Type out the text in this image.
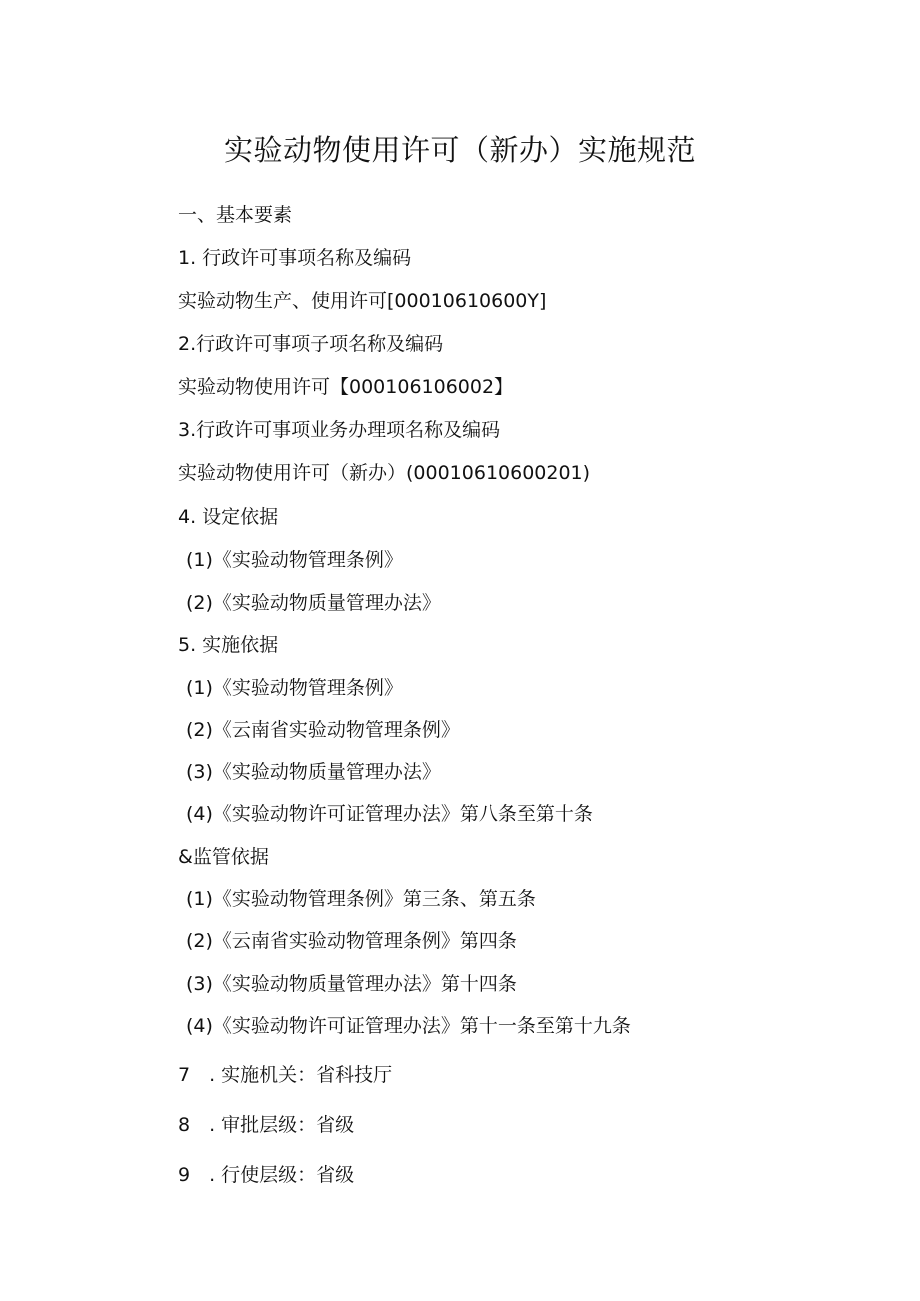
实验动物使用许可（新办）实施规范
一、基本要素
1. 行政许可事项名称及编码
实验动物生产、使用许可[00010610600Y]
2.行政许可事项子项名称及编码
实验动物使用许可【000106106002】
3.行政许可事项业务办理项名称及编码
实验动物使用许可（新办）(00010610600201)
4. 设定依据
(1)《实验动物管理条例》
(2)《实验动物质量管理办法》
5. 实施依据
(1)《实验动物管理条例》
(2)《云南省实验动物管理条例》
(3)《实验动物质量管理办法》
(4)《实验动物许可证管理办法》第八条至第十条
&监管依据
(1)《实验动物管理条例》第三条、第五条
(2)《云南省实验动物管理条例》第四条
(3)《实验动物质量管理办法》第十四条
(4)《实验动物许可证管理办法》第十一条至第十九条
7　. 实施机关：省科技厅
8　. 审批层级：省级
9　. 行使层级：省级
